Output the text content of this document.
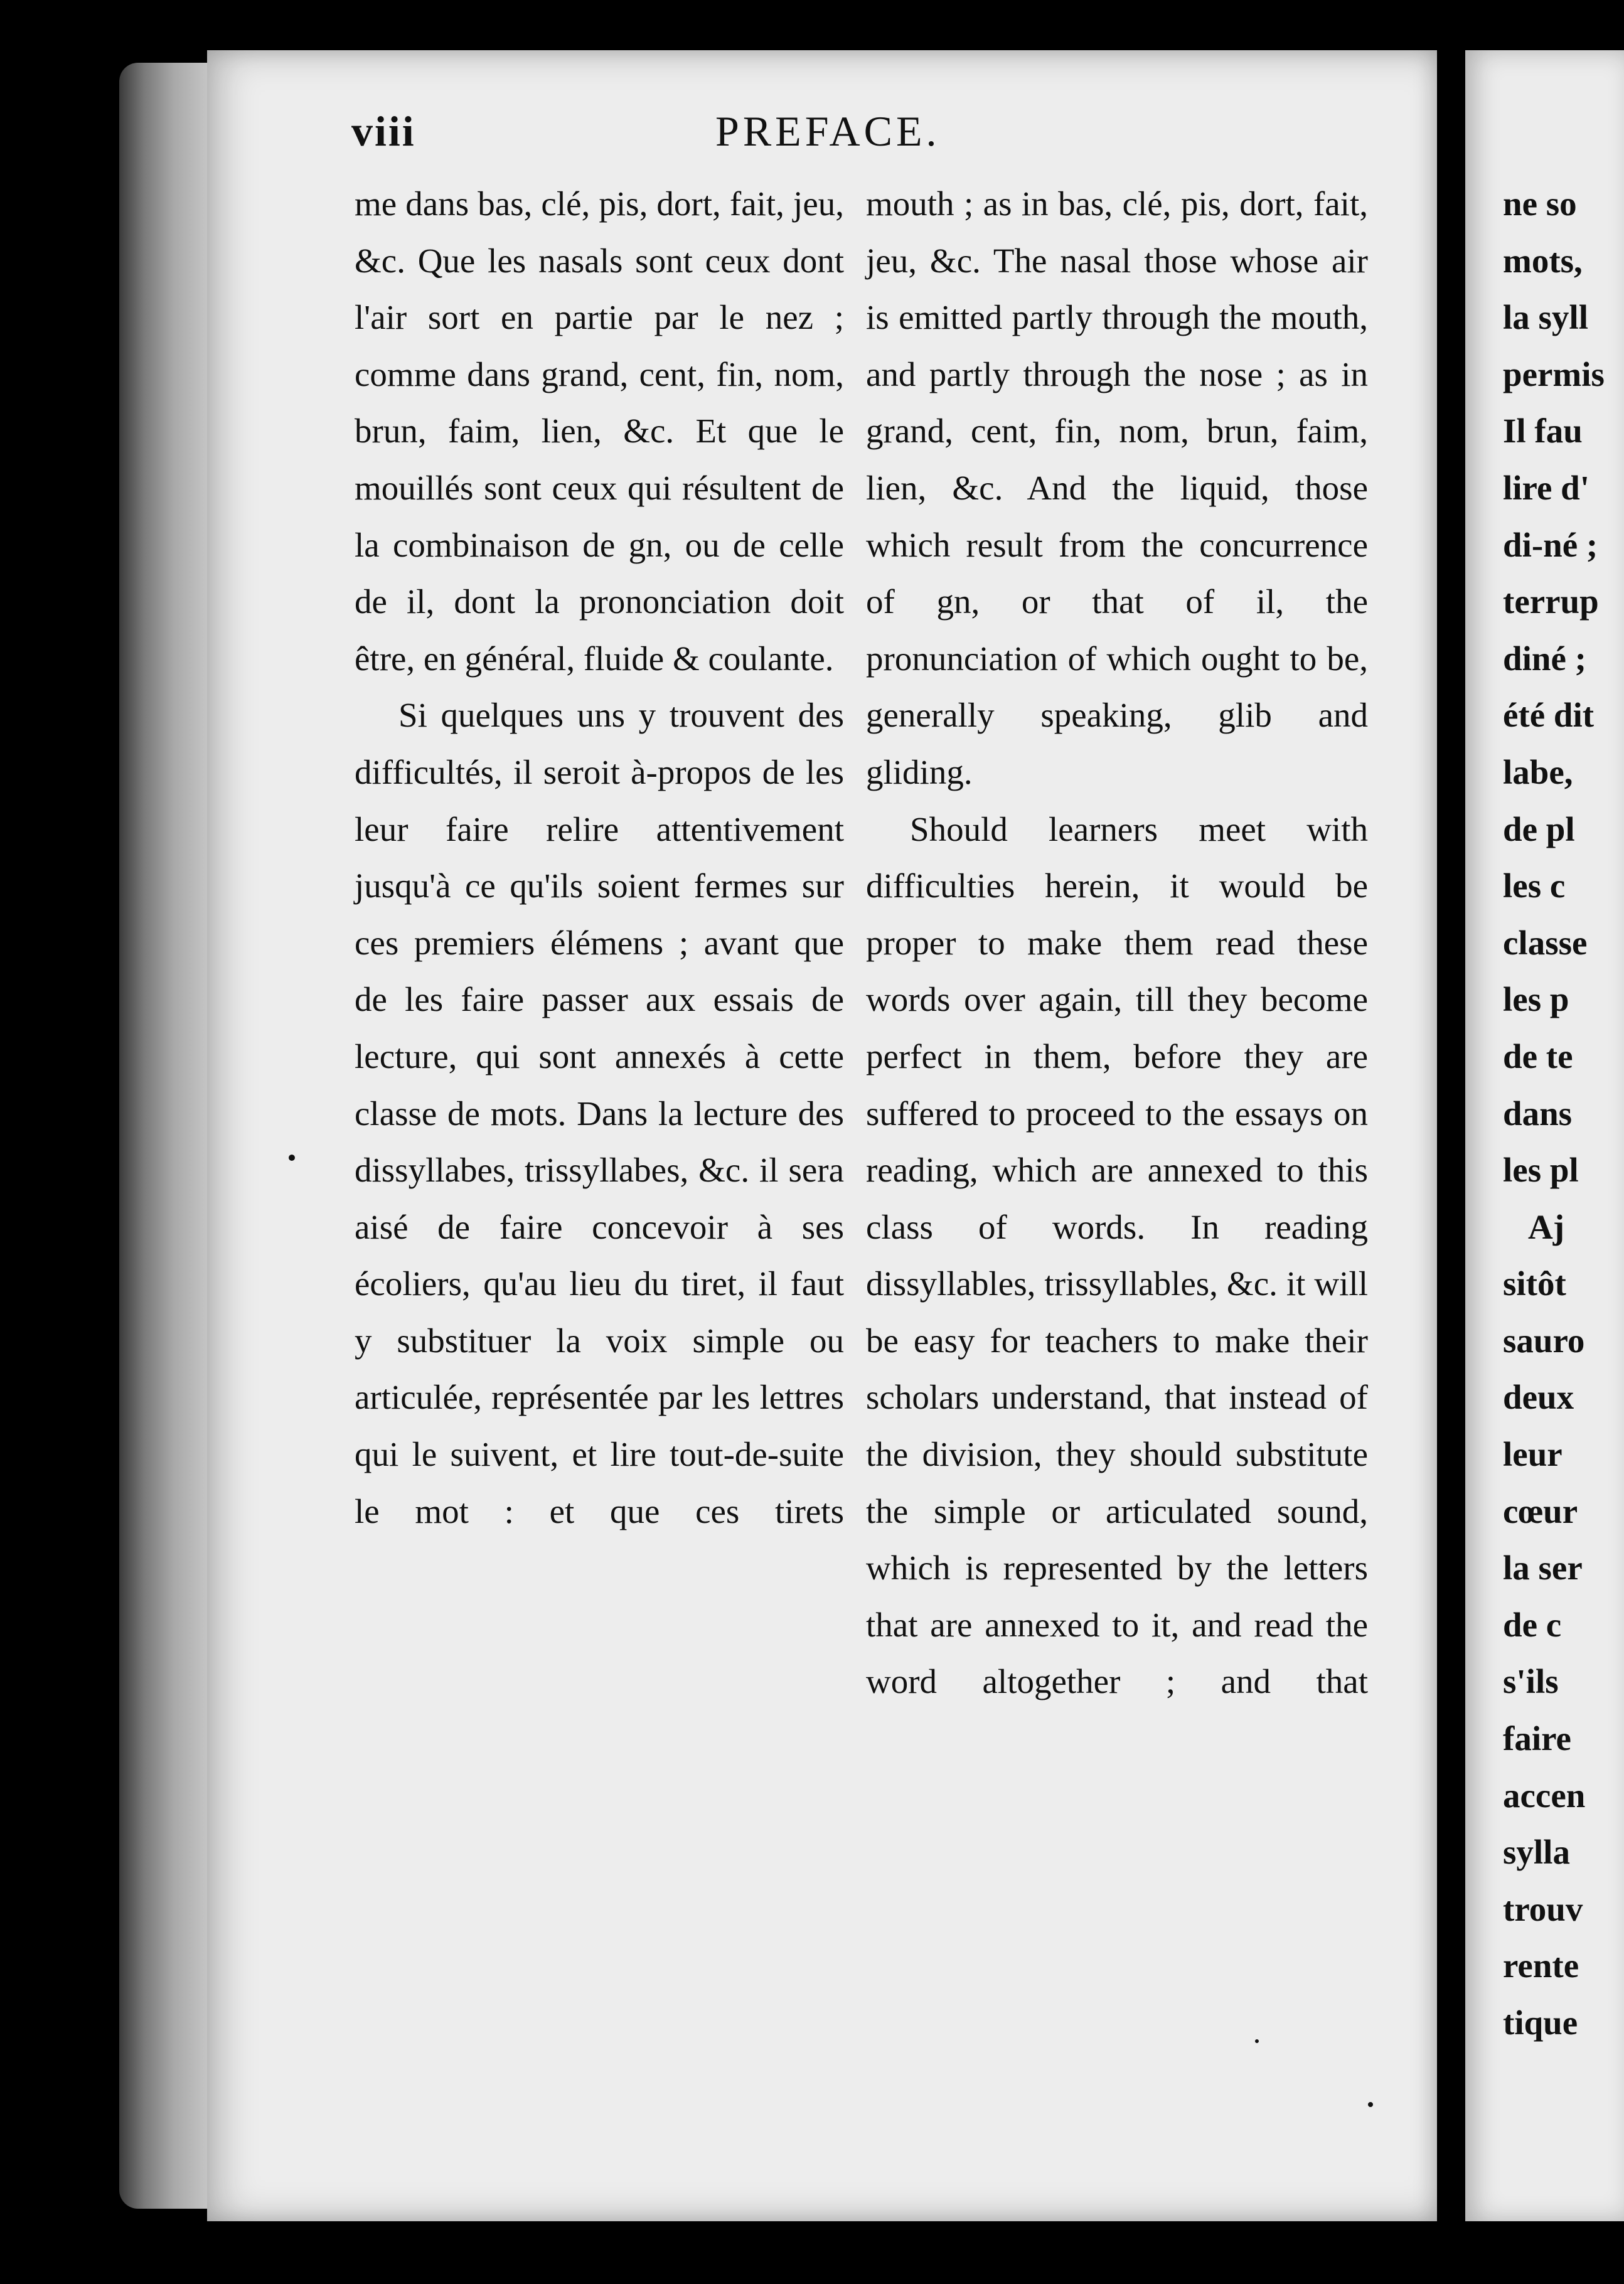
viii	PREFACE.

me dans bas, clé, pis, dort, fait, jeu, &c. Que les nasals sont ceux dont l'air sort en partie par le nez ; comme dans grand, cent, fin, nom, brun, faim, lien, &c. Et que le mouillés sont ceux qui résultent de la combinaison de gn, ou de celle de il, dont la prononciation doit être, en général, fluide & coulante.

Si quelques uns y trouvent des difficultés, il seroit à-propos de les leur faire relire attentivement jusqu'à ce qu'ils soient fermes sur ces premiers élémens ; avant que de les faire passer aux essais de lecture, qui sont annexés à cette classe de mots. Dans la lecture des dissyllabes, trissyllabes, &c. il sera aisé de faire concevoir à ses écoliers, qu'au lieu du tiret, il faut y substituer la voix simple ou articulée, représentée par les lettres qui le suivent, et lire tout-de-suite le mot : et que ces tirets

mouth ; as in bas, clé, pis, dort, fait, jeu, &c. The nasal those whose air is emitted partly through the mouth, and partly through the nose ; as in grand, cent, fin, nom, brun, faim, lien, &c. And the liquid, those which result from the concurrence of gn, or that of il, the pronunciation of which ought to be, generally speaking, glib and gliding.

Should learners meet with difficulties herein, it would be proper to make them read these words over again, till they become perfect in them, before they are suffered to proceed to the essays on reading, which are annexed to this class of words. In reading dissyllables, trissyllables, &c. it will be easy for teachers to make their scholars understand, that instead of the division, they should substitute the simple or articulated sound, which is represented by the letters that are annexed to it, and read the word altogether ; and that

ne so
mots,
la syll
permis
Il fau
lire d'
di-né ;
terrup
diné ;
été dit
labe,
de pl
les c
classe
les p
de te
dans
les pl
Aj
sitôt
sauro
deux
leur
cœur
la ser
de c
s'ils
faire
accen
sylla
trouv
rente
tique
